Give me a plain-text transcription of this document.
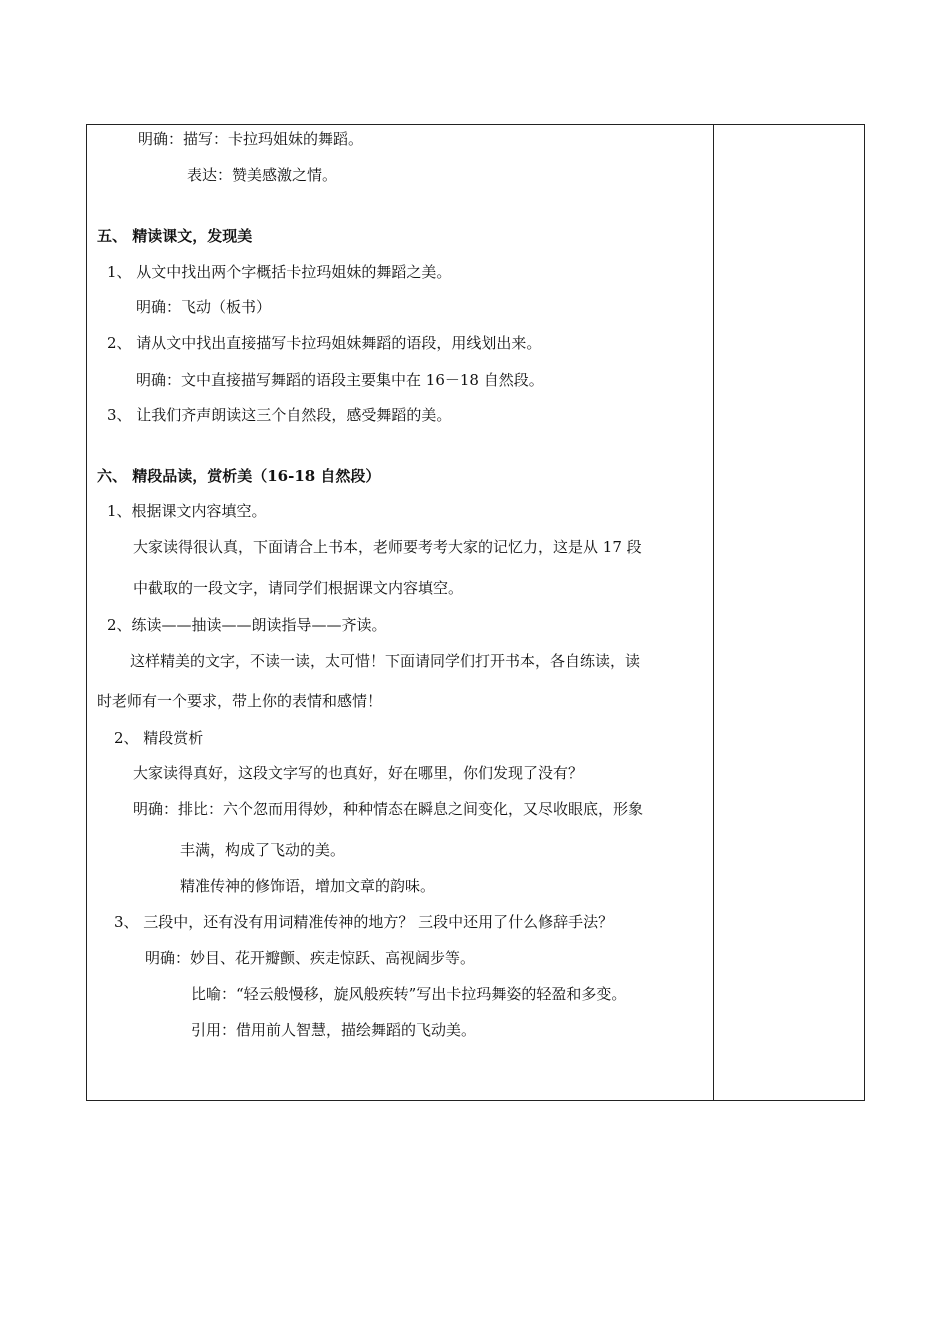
明确：描写：卡拉玛姐妹的舞蹈。
表达：赞美感激之情。
五、 精读课文，发现美
1、 从文中找出两个字概括卡拉玛姐妹的舞蹈之美。
明确：飞动（板书）
2、 请从文中找出直接描写卡拉玛姐妹舞蹈的语段，用线划出来。
明确：文中直接描写舞蹈的语段主要集中在 16－18 自然段。
3、 让我们齐声朗读这三个自然段，感受舞蹈的美。
六、 精段品读，赏析美（16-18 自然段）
1、根据课文内容填空。
大家读得很认真，下面请合上书本，老师要考考大家的记忆力，这是从 17 段
中截取的一段文字，请同学们根据课文内容填空。
2、练读——抽读——朗读指导——齐读。
这样精美的文字，不读一读，太可惜！下面请同学们打开书本，各自练读，读
时老师有一个要求，带上你的表情和感情！
2、 精段赏析
大家读得真好，这段文字写的也真好，好在哪里，你们发现了没有？
明确：排比：六个忽而用得妙，种种情态在瞬息之间变化，又尽收眼底，形象
丰满，构成了飞动的美。
精准传神的修饰语，增加文章的韵味。
3、 三段中，还有没有用词精准传神的地方？ 三段中还用了什么修辞手法？
明确：妙目、花开瓣颤、疾走惊跃、高视阔步等。
比喻：“轻云般慢移，旋风般疾转”写出卡拉玛舞姿的轻盈和多变。
引用：借用前人智慧，描绘舞蹈的飞动美。
